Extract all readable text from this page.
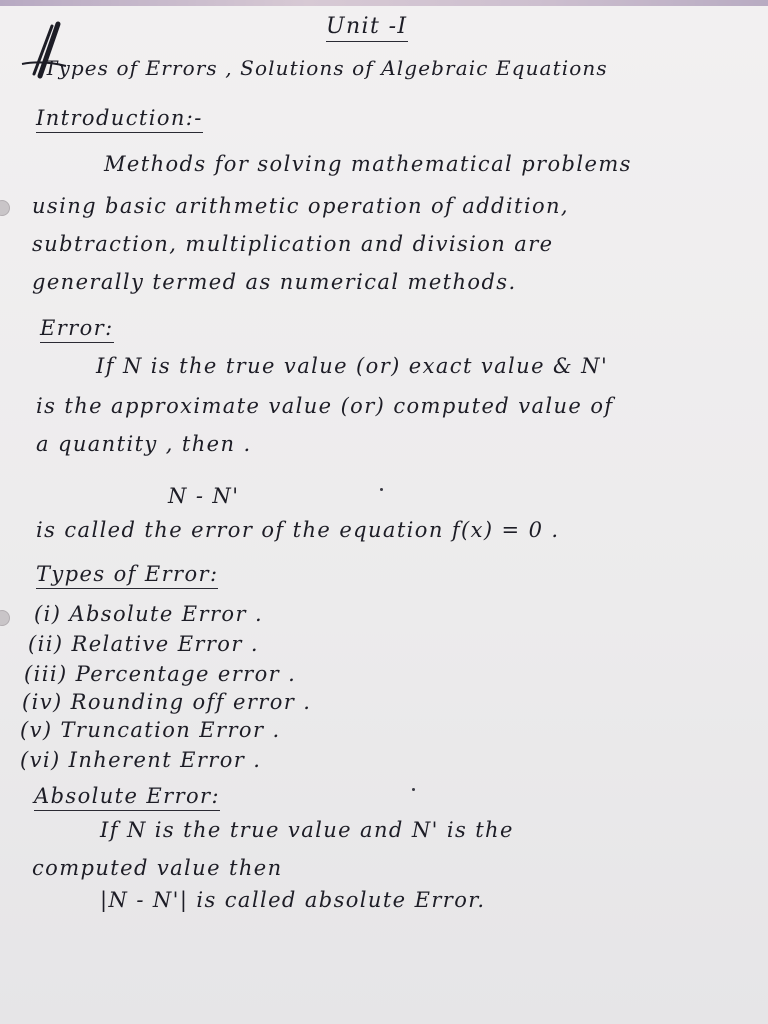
Unit -I
Types of Errors , Solutions of Algebraic Equations
Introduction:-
Methods for solving mathematical problems
using basic arithmetic operation of addition,
subtraction, multiplication and division are
generally termed as numerical methods.
Error:
If N is the true value (or) exact value & N'
is the approximate value (or) computed value of
a quantity , then .
N - N'
is called the error of the equation f(x) = 0 .
Types of Error:
(i) Absolute Error .
(ii) Relative Error .
(iii) Percentage error .
(iv) Rounding off error .
(v) Truncation Error .
(vi) Inherent Error .
Absolute Error:
If N is the true value and N' is the
computed value then
|N - N'| is called absolute Error.
